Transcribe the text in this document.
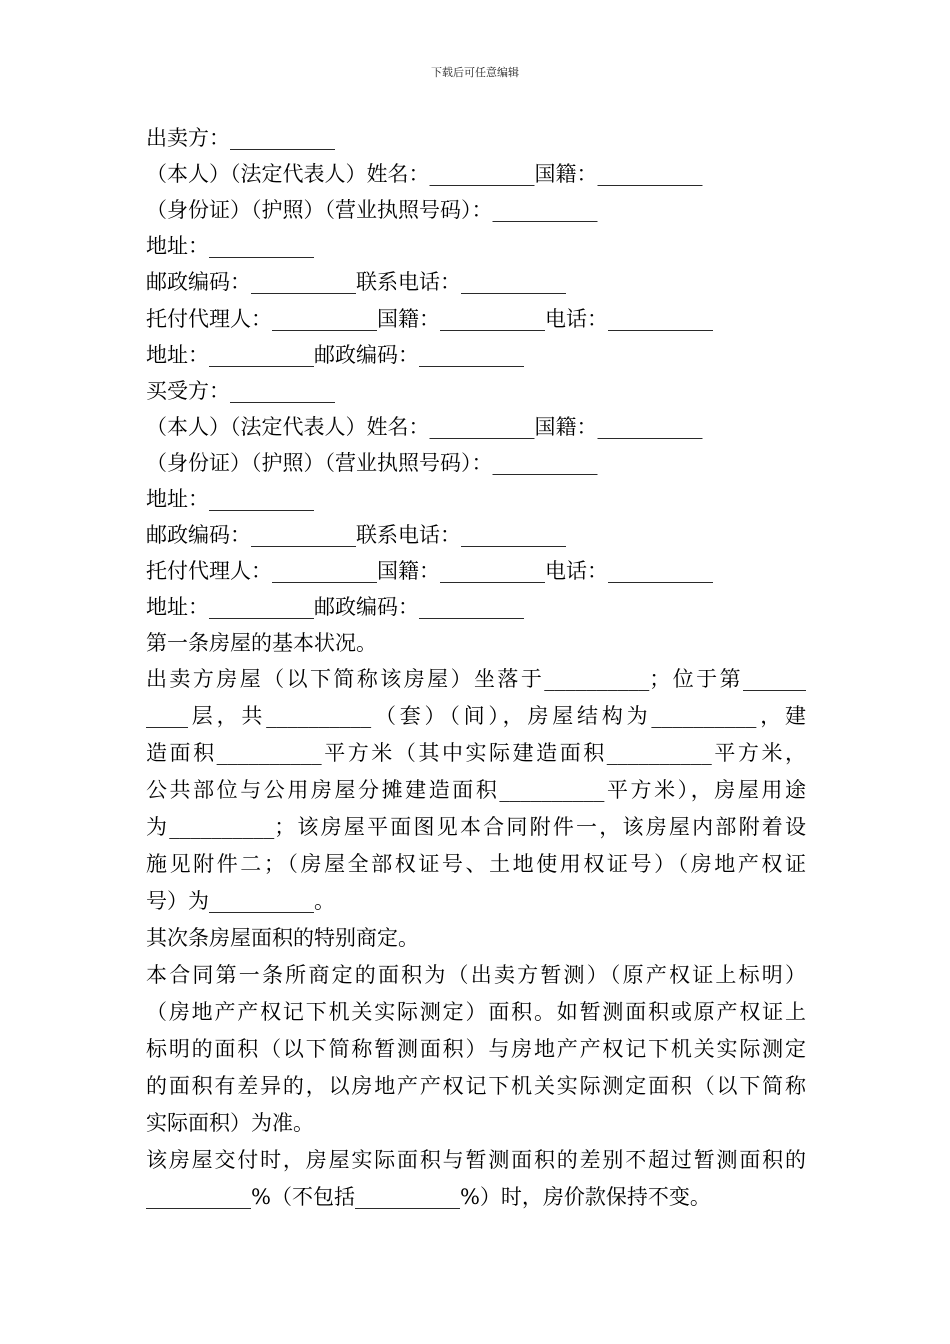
下载后可任意编辑
出卖方：__________
（本人）（法定代表人）姓名：__________国籍：__________
（身份证）（护照）（营业执照号码）：__________
地址：__________
邮政编码：__________联系电话：__________
托付代理人：__________国籍：__________电话：__________
地址：__________邮政编码：__________
买受方：__________
（本人）（法定代表人）姓名：__________国籍：__________
（身份证）（护照）（营业执照号码）：__________
地址：__________
邮政编码：__________联系电话：__________
托付代理人：__________国籍：__________电话：__________
地址：__________邮政编码：__________
第一条房屋的基本状况。
出卖方房屋（以下简称该房屋）坐落于__________；位于第______
____层，共__________（套）（间），房屋结构为__________，建
造面积__________平方米（其中实际建造面积__________平方米，
公共部位与公用房屋分摊建造面积__________平方米），房屋用途
为__________；该房屋平面图见本合同附件一，该房屋内部附着设
施见附件二；（房屋全部权证号、土地使用权证号）（房地产权证
号）为__________。
其次条房屋面积的特别商定。
本合同第一条所商定的面积为（出卖方暂测）（原产权证上标明）
（房地产产权记下机关实际测定）面积。如暂测面积或原产权证上
标明的面积（以下简称暂测面积）与房地产产权记下机关实际测定
的面积有差异的，以房地产产权记下机关实际测定面积（以下简称
实际面积）为准。
该房屋交付时，房屋实际面积与暂测面积的差别不超过暂测面积的
__________%（不包括__________%）时，房价款保持不变。
